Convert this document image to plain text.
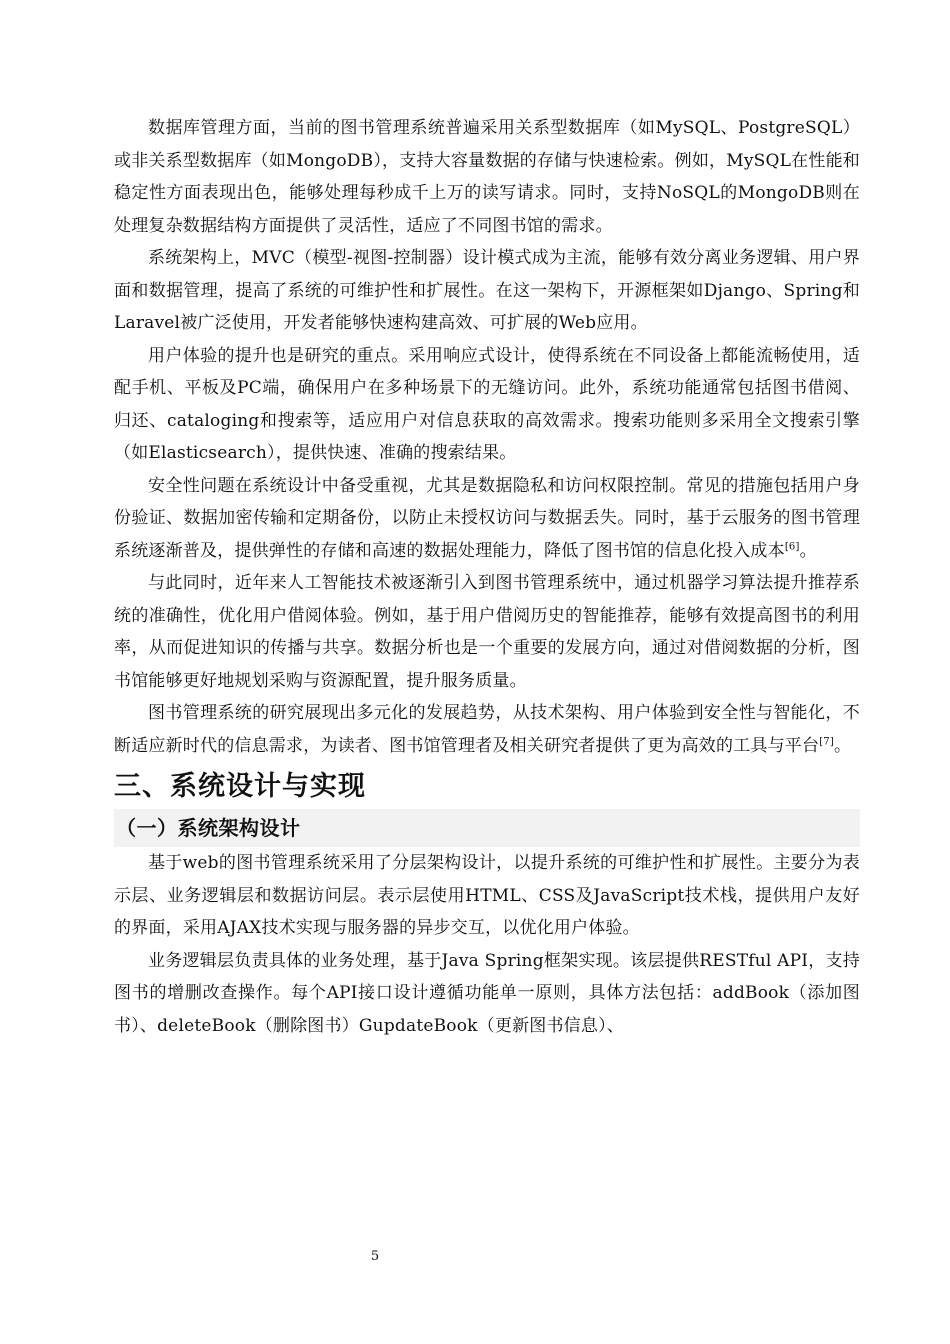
数据库管理方面，当前的图书管理系统普遍采用关系型数据库（如MySQL、PostgreSQL）或非关系型数据库（如MongoDB），支持大容量数据的存储与快速检索。例如，MySQL在性能和稳定性方面表现出色，能够处理每秒成千上万的读写请求。同时，支持NoSQL的MongoDB则在处理复杂数据结构方面提供了灵活性，适应了不同图书馆的需求。

系统架构上，MVC（模型-视图-控制器）设计模式成为主流，能够有效分离业务逻辑、用户界面和数据管理，提高了系统的可维护性和扩展性。在这一架构下，开源框架如Django、Spring和Laravel被广泛使用，开发者能够快速构建高效、可扩展的Web应用。

用户体验的提升也是研究的重点。采用响应式设计，使得系统在不同设备上都能流畅使用，适配手机、平板及PC端，确保用户在多种场景下的无缝访问。此外，系统功能通常包括图书借阅、归还、cataloging和搜索等，适应用户对信息获取的高效需求。搜索功能则多采用全文搜索引擎（如Elasticsearch），提供快速、准确的搜索结果。

安全性问题在系统设计中备受重视，尤其是数据隐私和访问权限控制。常见的措施包括用户身份验证、数据加密传输和定期备份，以防止未授权访问与数据丢失。同时，基于云服务的图书管理系统逐渐普及，提供弹性的存储和高速的数据处理能力，降低了图书馆的信息化投入成本[6]。

与此同时，近年来人工智能技术被逐渐引入到图书管理系统中，通过机器学习算法提升推荐系统的准确性，优化用户借阅体验。例如，基于用户借阅历史的智能推荐，能够有效提高图书的利用率，从而促进知识的传播与共享。数据分析也是一个重要的发展方向，通过对借阅数据的分析，图书馆能够更好地规划采购与资源配置，提升服务质量。

图书管理系统的研究展现出多元化的发展趋势，从技术架构、用户体验到安全性与智能化，不断适应新时代的信息需求，为读者、图书馆管理者及相关研究者提供了更为高效的工具与平台[7]。

三、系统设计与实现
（一）系统架构设计

基于web的图书管理系统采用了分层架构设计，以提升系统的可维护性和扩展性。主要分为表示层、业务逻辑层和数据访问层。表示层使用HTML、CSS及JavaScript技术栈，提供用户友好的界面，采用AJAX技术实现与服务器的异步交互，以优化用户体验。

业务逻辑层负责具体的业务处理，基于Java Spring框架实现。该层提供RESTful API，支持图书的增删改查操作。每个API接口设计遵循功能单一原则，具体方法包括：addBook（添加图书）、deleteBook（删除图书）GupdateBook（更新图书信息）、

5
